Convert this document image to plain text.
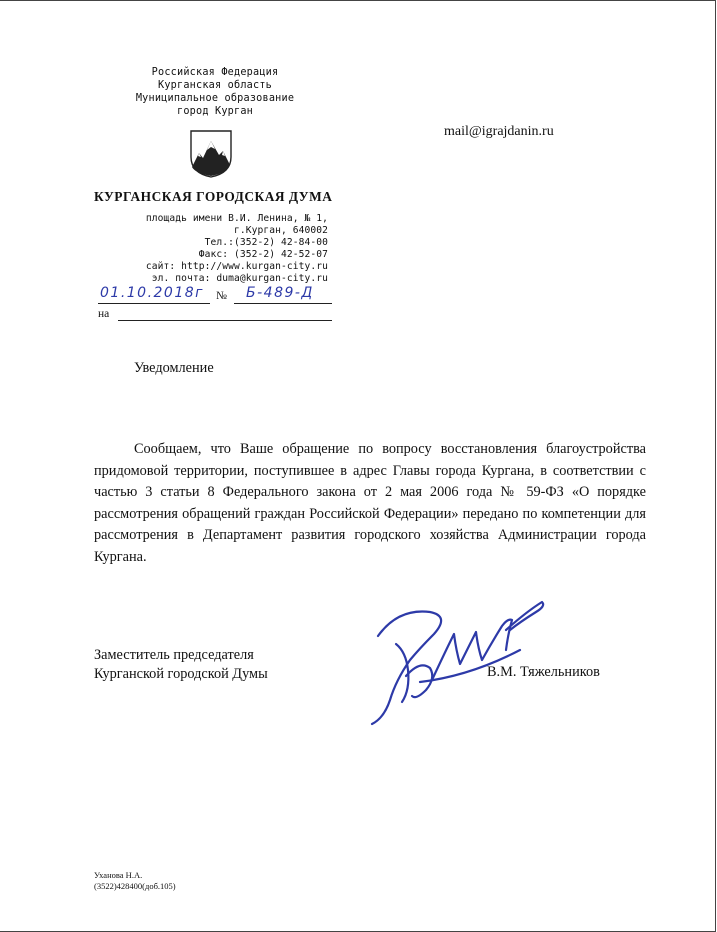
Российская Федерация
Курганская область
Муниципальное образование
город Курган
КУРГАНСКАЯ ГОРОДСКАЯ ДУМА
площадь имени В.И. Ленина, № 1,
г.Курган, 640002
Тел.:(352-2) 42-84-00
Факс: (352-2) 42-52-07
сайт: http://www.kurgan-city.ru
эл. почта: duma@kurgan-city.ru
mail@igrajdanin.ru
01.10.2018г № Б-489-Д
на
Уведомление
Сообщаем, что Ваше обращение по вопросу восстановления благоустройства придомовой территории, поступившее в адрес Главы города Кургана, в соответствии с частью 3 статьи 8 Федерального закона от 2 мая 2006 года № 59-ФЗ «О порядке рассмотрения обращений граждан Российской Федерации» передано по компетенции для рассмотрения в Департамент развития городского хозяйства Администрации города Кургана.
Заместитель председателя
Курганской городской Думы	В.М. Тяжельников
Уханова Н.А.
(3522)428400(доб.105)
